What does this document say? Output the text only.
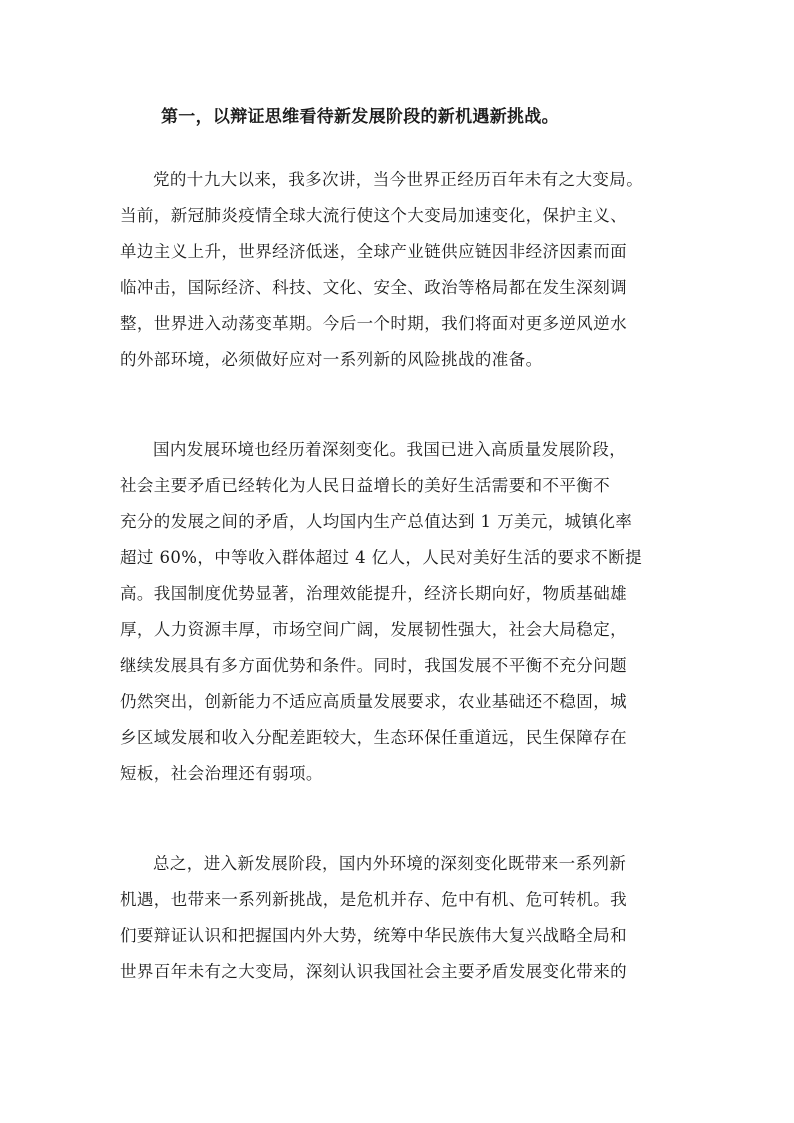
第一，以辩证思维看待新发展阶段的新机遇新挑战。
党的十九大以来，我多次讲，当今世界正经历百年未有之大变局。
当前，新冠肺炎疫情全球大流行使这个大变局加速变化，保护主义、
单边主义上升，世界经济低迷，全球产业链供应链因非经济因素而面
临冲击，国际经济、科技、文化、安全、政治等格局都在发生深刻调
整，世界进入动荡变革期。今后一个时期，我们将面对更多逆风逆水
的外部环境，必须做好应对一系列新的风险挑战的准备。
国内发展环境也经历着深刻变化。我国已进入高质量发展阶段，
社会主要矛盾已经转化为人民日益增长的美好生活需要和不平衡不
充分的发展之间的矛盾，人均国内生产总值达到 1 万美元，城镇化率
超过 60%，中等收入群体超过 4 亿人，人民对美好生活的要求不断提
高。我国制度优势显著，治理效能提升，经济长期向好，物质基础雄
厚，人力资源丰厚，市场空间广阔，发展韧性强大，社会大局稳定，
继续发展具有多方面优势和条件。同时，我国发展不平衡不充分问题
仍然突出，创新能力不适应高质量发展要求，农业基础还不稳固，城
乡区域发展和收入分配差距较大，生态环保任重道远，民生保障存在
短板，社会治理还有弱项。
总之，进入新发展阶段，国内外环境的深刻变化既带来一系列新
机遇，也带来一系列新挑战，是危机并存、危中有机、危可转机。我
们要辩证认识和把握国内外大势，统筹中华民族伟大复兴战略全局和
世界百年未有之大变局，深刻认识我国社会主要矛盾发展变化带来的
